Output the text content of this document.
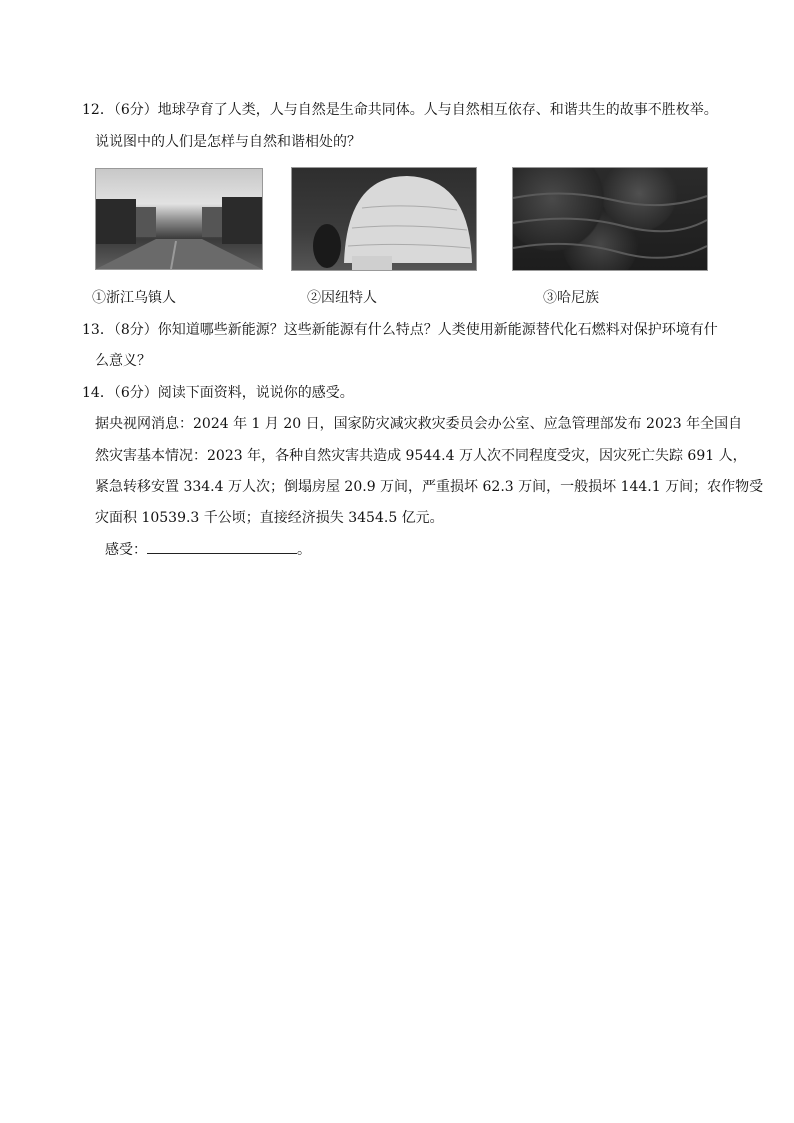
12．（6分）地球孕育了人类，人与自然是生命共同体。人与自然相互依存、和谐共生的故事不胜枚举。
说说图中的人们是怎样与自然和谐相处的？
①浙江乌镇人	②因纽特人	③哈尼族
13．（8分）你知道哪些新能源？这些新能源有什么特点？人类使用新能源替代化石燃料对保护环境有什
么意义？
14．（6分）阅读下面资料，说说你的感受。
据央视网消息：2024 年 1 月 20 日，国家防灾减灾救灾委员会办公室、应急管理部发布 2023 年全国自
然灾害基本情况：2023 年，各种自然灾害共造成 9544.4 万人次不同程度受灾，因灾死亡失踪 691 人，
紧急转移安置 334.4 万人次；倒塌房屋 20.9 万间，严重损坏 62.3 万间，一般损坏 144.1 万间；农作物受
灾面积 10539.3 千公顷；直接经济损失 3454.5 亿元。
感受：	。
